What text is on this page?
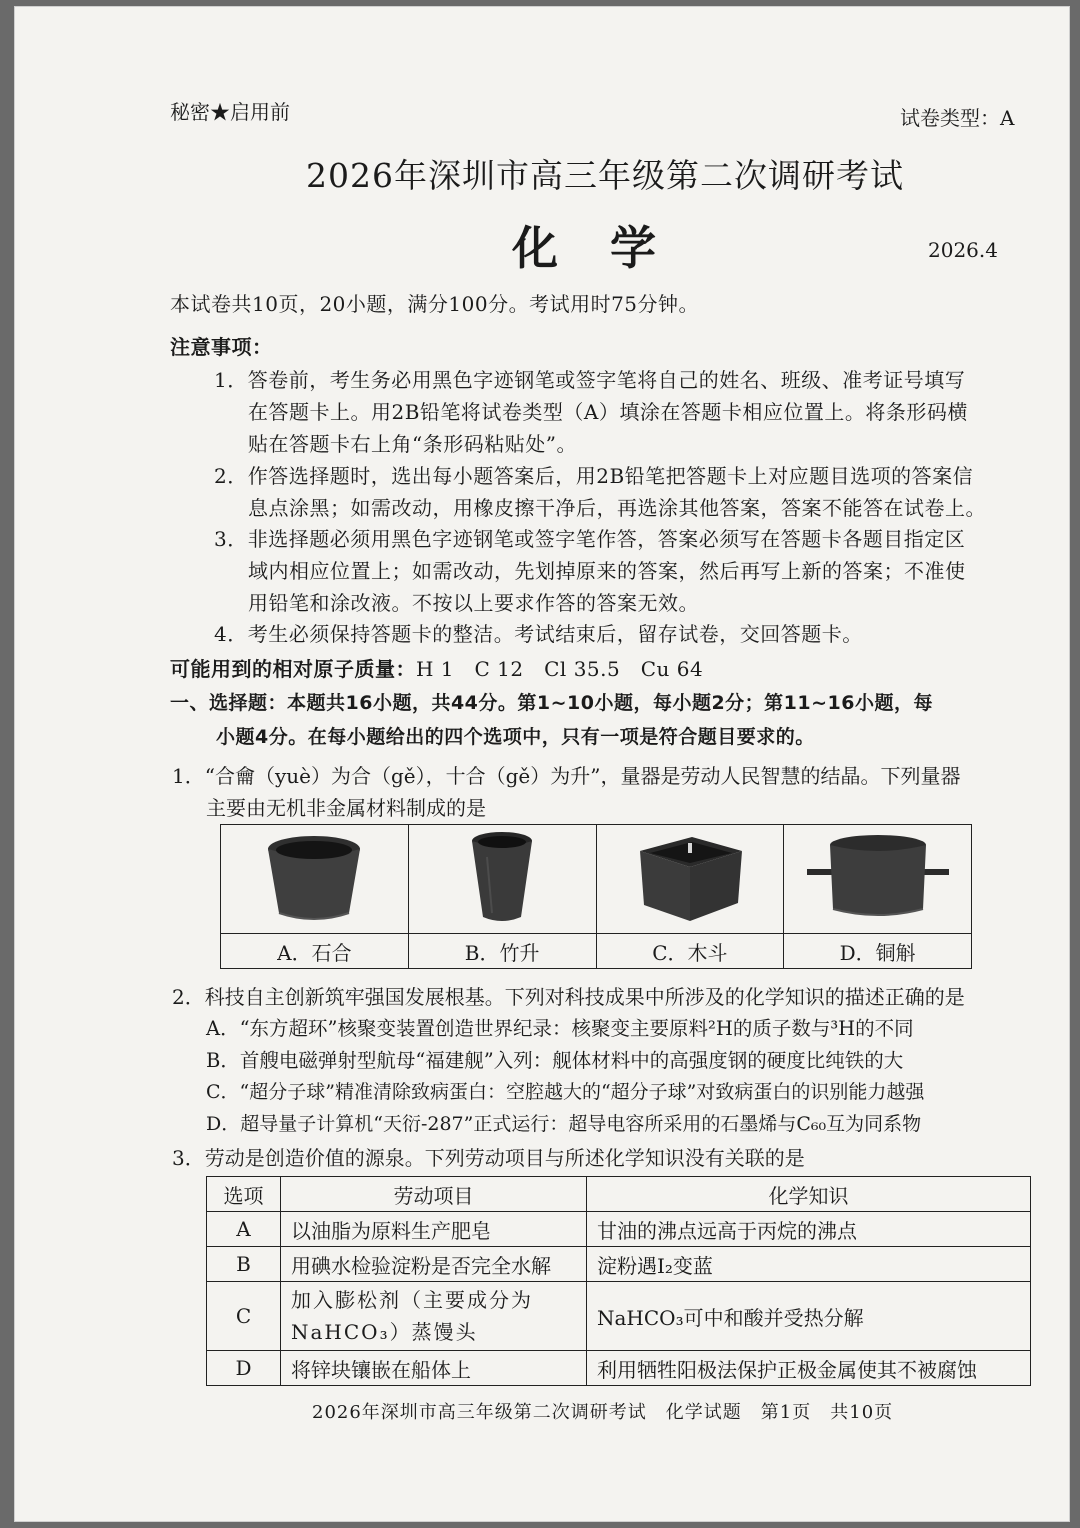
秘密★启用前	试卷类型：A
2026年深圳市高三年级第二次调研考试
化学	2026.4
本试卷共10页，20小题，满分100分。考试用时75分钟。
注意事项：
1．答卷前，考生务必用黑色字迹钢笔或签字笔将自己的姓名、班级、准考证号填写
在答题卡上。用2B铅笔将试卷类型（A）填涂在答题卡相应位置上。将条形码横
贴在答题卡右上角“条形码粘贴处”。
2．作答选择题时，选出每小题答案后，用2B铅笔把答题卡上对应题目选项的答案信
息点涂黑；如需改动，用橡皮擦干净后，再选涂其他答案，答案不能答在试卷上。
3．非选择题必须用黑色字迹钢笔或签字笔作答，答案必须写在答题卡各题目指定区
域内相应位置上；如需改动，先划掉原来的答案，然后再写上新的答案；不准使
用铅笔和涂改液。不按以上要求作答的答案无效。
4．考生必须保持答题卡的整洁。考试结束后，留存试卷，交回答题卡。
可能用到的相对原子质量：H 1　C 12　Cl 35.5　Cu 64
一、选择题：本题共16小题，共44分。第1~10小题，每小题2分；第11~16小题，每
小题4分。在每小题给出的四个选项中，只有一项是符合题目要求的。
1．“合龠（yuè）为合（gě），十合（gě）为升”，量器是劳动人民智慧的结晶。下列量器
主要由无机非金属材料制成的是

A．石合	B．竹升	C．木斗	D．铜斛
2．科技自主创新筑牢强国发展根基。下列对科技成果中所涉及的化学知识的描述正确的是
A．“东方超环”核聚变装置创造世界纪录：核聚变主要原料²H的质子数与³H的不同
B．首艘电磁弹射型航母“福建舰”入列：舰体材料中的高强度钢的硬度比纯铁的大
C．“超分子球”精准清除致病蛋白：空腔越大的“超分子球”对致病蛋白的识别能力越强
D．超导量子计算机“天衍-287”正式运行：超导电容所采用的石墨烯与C₆₀互为同系物
3．劳动是创造价值的源泉。下列劳动项目与所述化学知识没有关联的是
选项	劳动项目	化学知识
A	以油脂为原料生产肥皂	甘油的沸点远高于丙烷的沸点
B	用碘水检验淀粉是否完全水解	淀粉遇I₂变蓝
C	加入膨松剂（主要成分为NaHCO₃）蒸馒头	NaHCO₃可中和酸并受热分解
D	将锌块镶嵌在船体上	利用牺牲阳极法保护正极金属使其不被腐蚀
2026年深圳市高三年级第二次调研考试　化学试题　第1页　共10页
